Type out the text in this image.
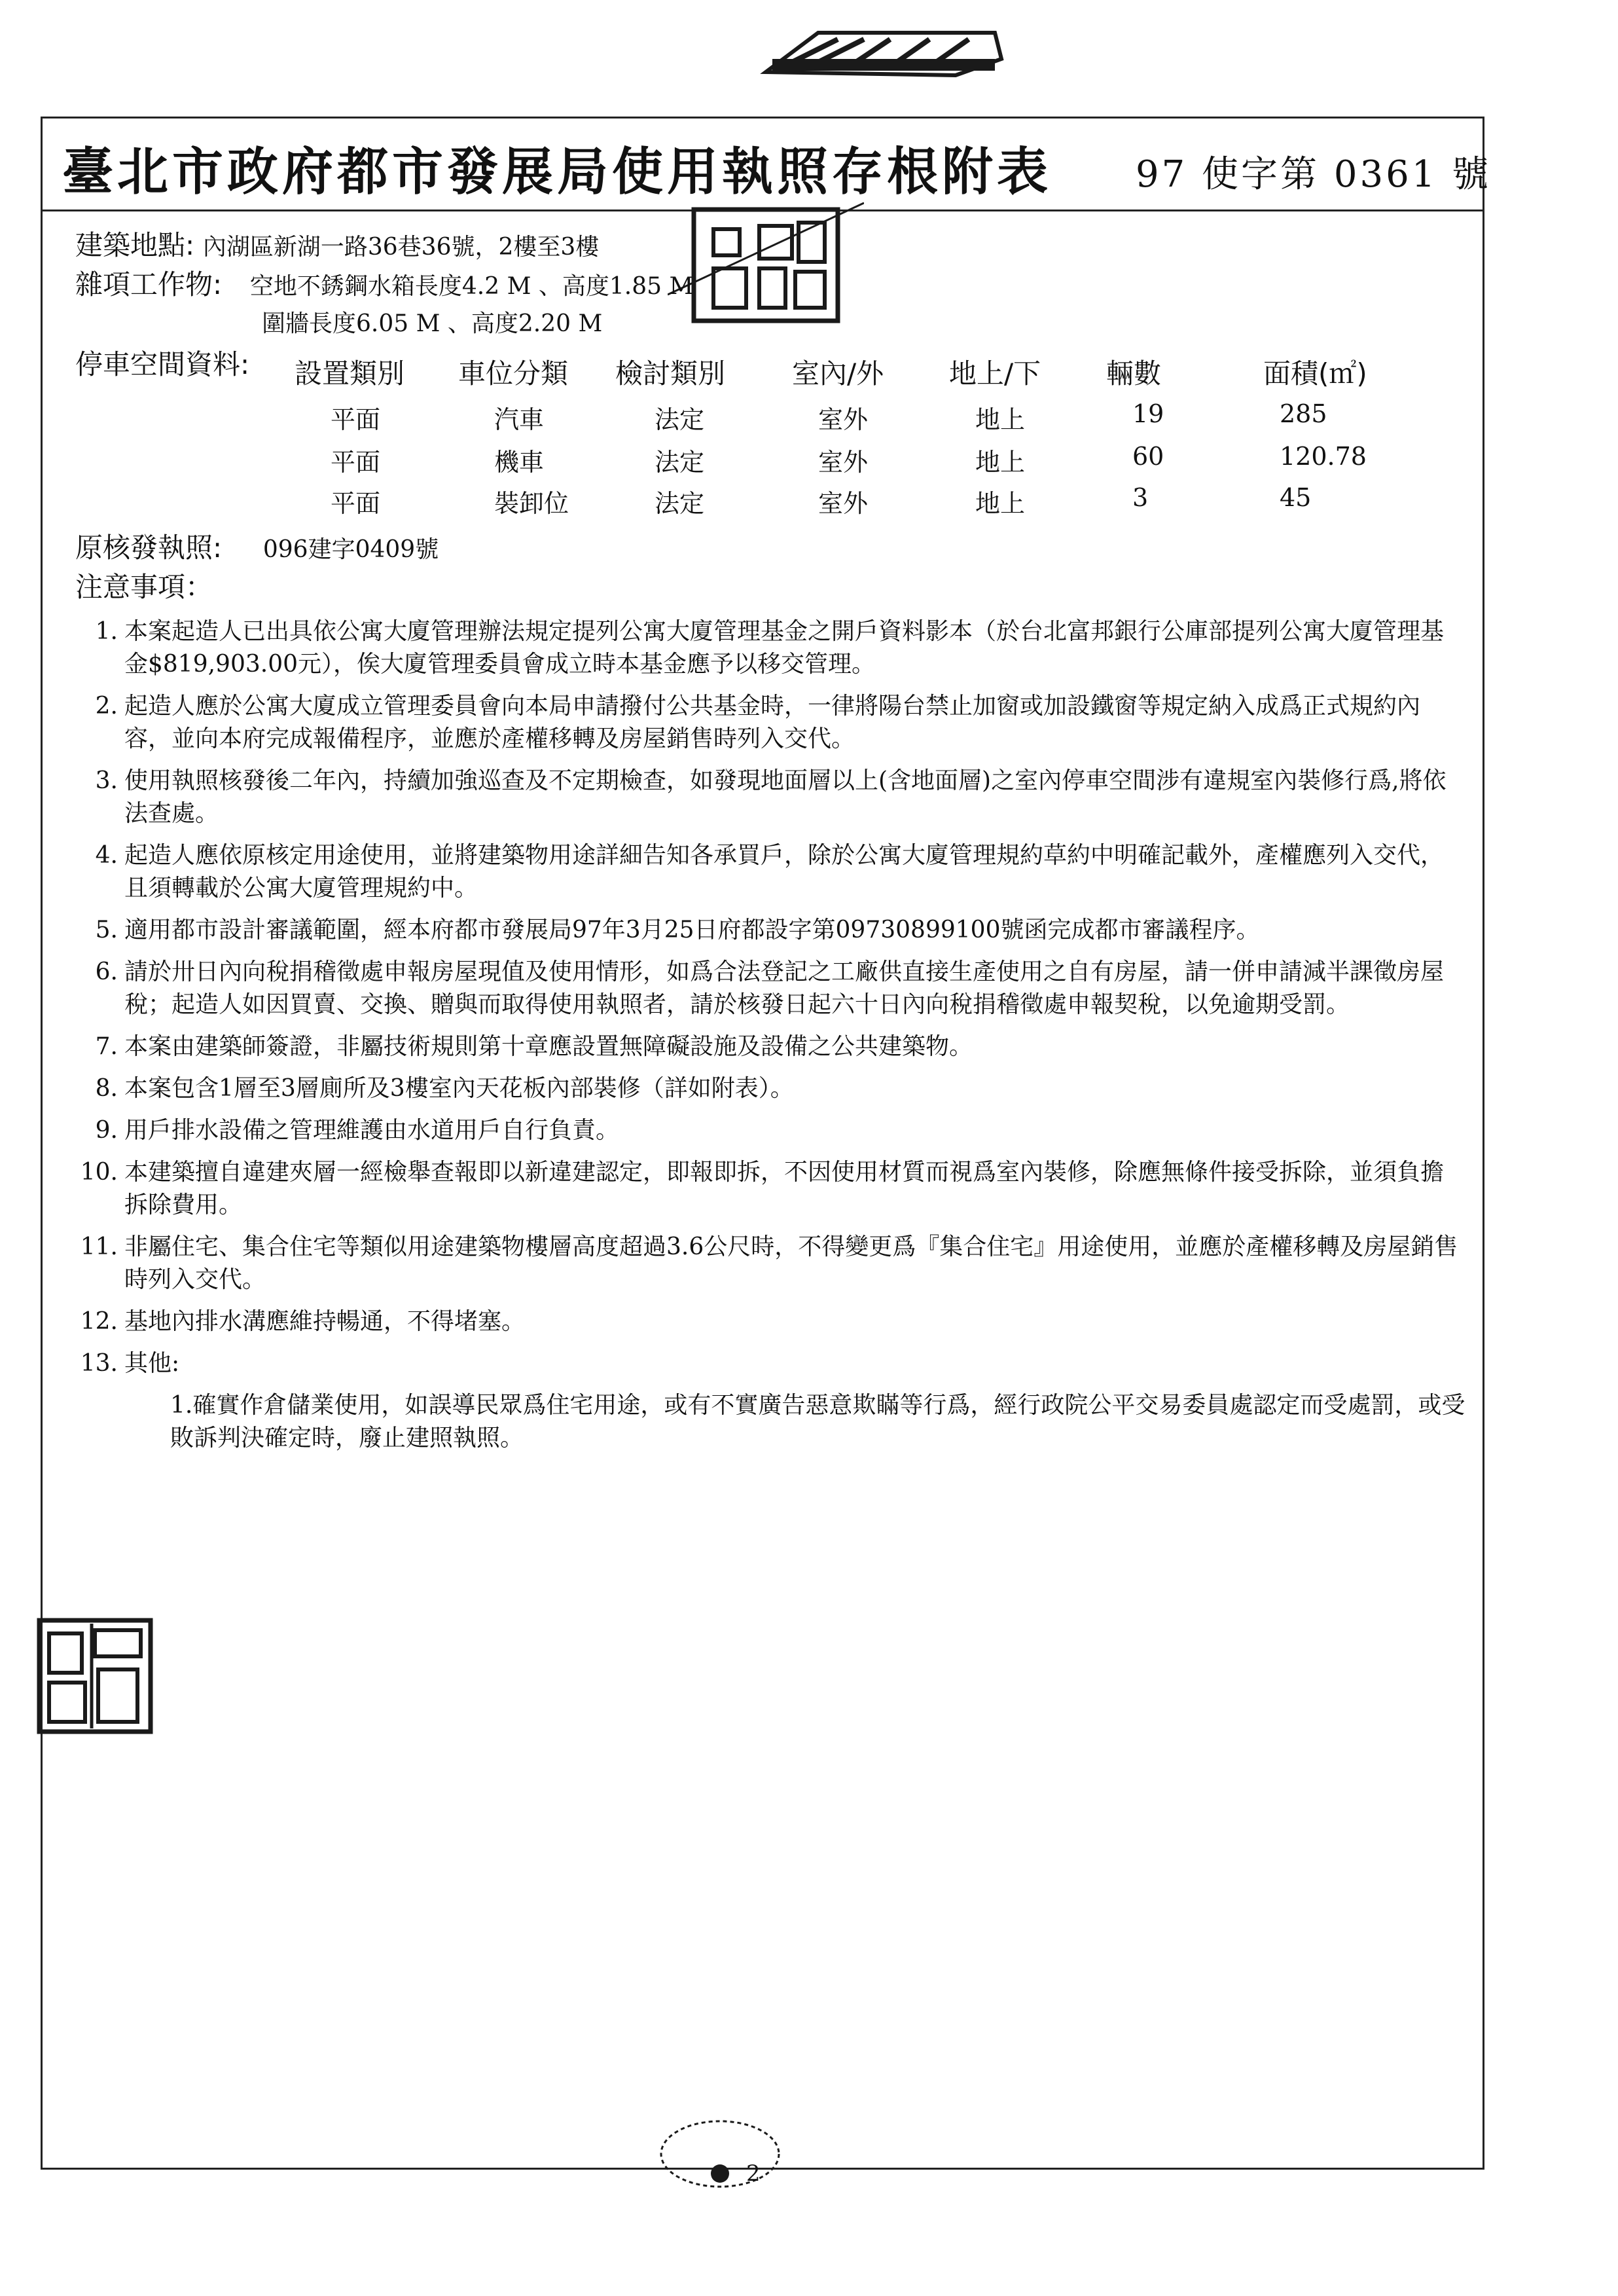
臺北市政府都市發展局使用執照存根附表 97 使字第 0361 號
建築地點: 內湖區新湖一路36巷36號，2樓至3樓
雜項工作物: 空地不銹鋼水箱長度4.2 M 、高度1.85 M
圍牆長度6.05 M 、高度2.20 M
停車空間資料: 設置類別 車位分類 檢討類別 室內/外 地上/下 輛數	面積(㎡)
平面	汽車	法定	室外	地上	19	285
平面	機車	法定	室外	地上	60	120.78
平面	裝卸位	法定	室外	地上	3	45
原核發執照: 096建字0409號
注意事項：
1. 本案起造人已出具依公寓大廈管理辦法規定提列公寓大廈管理基金之開戶資料影本（於台北富邦銀行公庫部提列公寓大廈管理基金$819,903.00元），俟大廈管理委員會成立時本基金應予以移交管理。
2. 起造人應於公寓大廈成立管理委員會向本局申請撥付公共基金時，一律將陽台禁止加窗或加設鐵窗等規定納入成爲正式規約內容，並向本府完成報備程序，並應於產權移轉及房屋銷售時列入交代。
3. 使用執照核發後二年內，持續加強巡查及不定期檢查，如發現地面層以上(含地面層)之室內停車空間涉有違規室內裝修行爲,將依法查處。
4. 起造人應依原核定用途使用，並將建築物用途詳細告知各承買戶，除於公寓大廈管理規約草約中明確記載外，產權應列入交代，且須轉載於公寓大廈管理規約中。
5. 適用都市設計審議範圍，經本府都市發展局97年3月25日府都設字第09730899100號函完成都市審議程序。
6. 請於卅日內向稅捐稽徵處申報房屋現值及使用情形，如爲合法登記之工廠供直接生產使用之自有房屋，請一併申請減半課徵房屋稅；起造人如因買賣、交換、贈與而取得使用執照者，請於核發日起六十日內向稅捐稽徵處申報契稅，以免逾期受罰。
7. 本案由建築師簽證，非屬技術規則第十章應設置無障礙設施及設備之公共建築物。
8. 本案包含1層至3層廁所及3樓室內天花板內部裝修（詳如附表）。
9. 用戶排水設備之管理維護由水道用戶自行負責。
10. 本建築擅自違建夾層一經檢舉查報即以新違建認定，即報即拆，不因使用材質而視爲室內裝修，除應無條件接受拆除，並須負擔拆除費用。
11. 非屬住宅、集合住宅等類似用途建築物樓層高度超過3.6公尺時，不得變更爲『集合住宅』用途使用，並應於產權移轉及房屋銷售時列入交代。
12. 基地內排水溝應維持暢通，不得堵塞。
13. 其他:
1.確實作倉儲業使用，如誤導民眾爲住宅用途，或有不實廣告惡意欺瞞等行爲，經行政院公平交易委員處認定而受處罰，或受敗訴判決確定時，廢止建照執照。
2
